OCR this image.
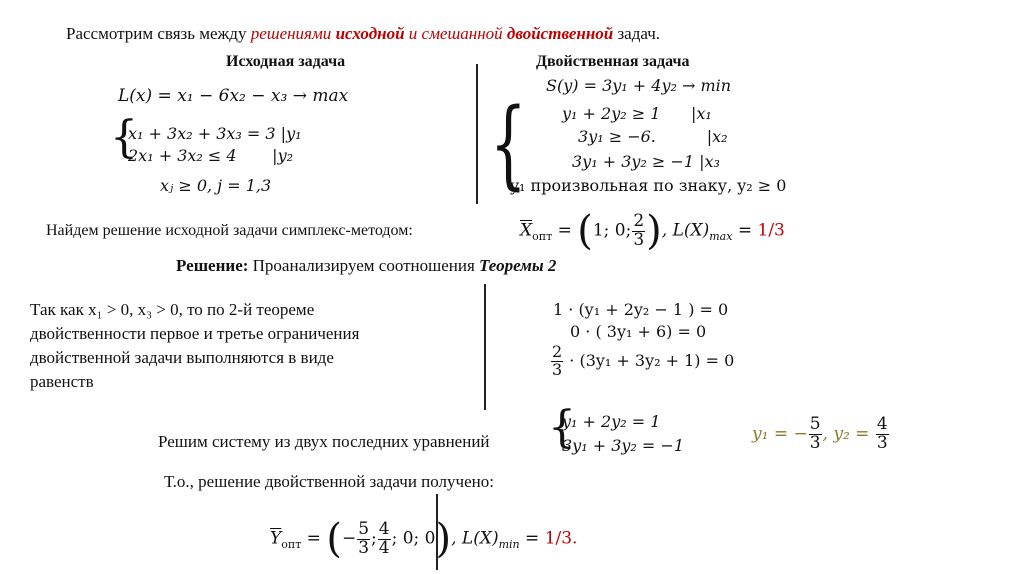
Рассмотрим связь между решениями исходной и смешанной двойственной задач.
Исходная задача	Двойственная задача
L(x) = x₁ − 6x₂ − x₃ → max
{
x₁ + 3x₂ + 3x₃ = 3 |y₁
2x₁ + 3x₂ ≤ 4       |y₂
xⱼ ≥ 0, j = 1,3
S(y) = 3y₁ + 4y₂ → min
{ y₁ + 2y₂ ≥ 1      |x₁
3y₁ ≥ −6.          |x₂
3y₁ + 3y₂ ≥ −1 |x₃
y₁ произвольная по знаку, y₂ ≥ 0
Найдем решение исходной задачи симплекс-методом:	$\overline{X}_{опт} = (1$; 0; $\frac{2}{3}$ ), $L(X)_{max} = 1/3$
Решение: Проанализируем соотношения Теоремы 2
Так как x₁ > 0, x₃ > 0, то по 2-й теореме
двойственности первое и третье ограничения
двойственной задачи выполняются в виде
равенств
1 · (y₁ + 2y₂ − 1 ) = 0
0 · ( 3y₁ + 6) = 0
$\frac{2}{3} \cdot (3y_1 + 3y_2 + 1) = 0$
Решим систему из двух последних уравнений {
y₁ + 2y₂ = 1
3y₁ + 3y₂ = −1
y₁ = − $\frac{5}{3}$ , $y_2 = \frac{4}{3}$
Т.о., решение двойственной задачи получено:
$\overline{Y}_{опт}$ = (− $\frac{5}{3}$ ; $\frac{4}{4}$ ; 0; 0), $L(X)_{min} = 1/3$.
